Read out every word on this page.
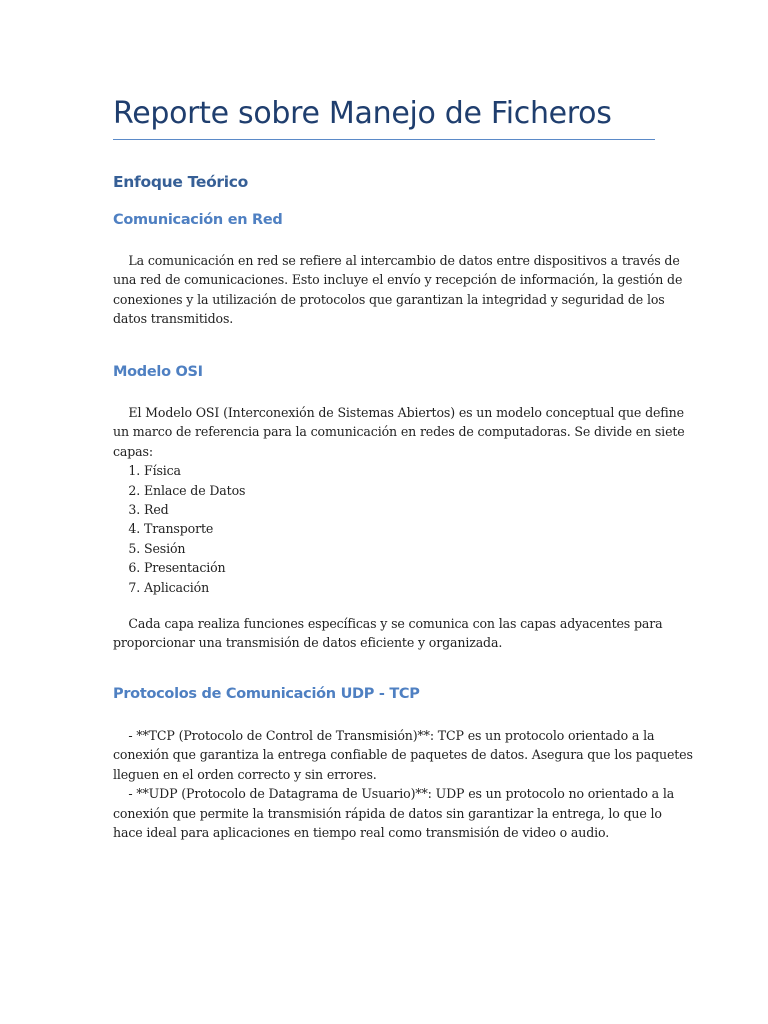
Reporte sobre Manejo de Ficheros
Enfoque Teórico
Comunicación en Red
La comunicación en red se refiere al intercambio de datos entre dispositivos a través de
una red de comunicaciones. Esto incluye el envío y recepción de información, la gestión de
conexiones y la utilización de protocolos que garantizan la integridad y seguridad de los
datos transmitidos.
Modelo OSI
El Modelo OSI (Interconexión de Sistemas Abiertos) es un modelo conceptual que define
un marco de referencia para la comunicación en redes de computadoras. Se divide en siete
capas:
1. Física
2. Enlace de Datos
3. Red
4. Transporte
5. Sesión
6. Presentación
7. Aplicación
Cada capa realiza funciones específicas y se comunica con las capas adyacentes para
proporcionar una transmisión de datos eficiente y organizada.
Protocolos de Comunicación UDP - TCP
- **TCP (Protocolo de Control de Transmisión)**: TCP es un protocolo orientado a la
conexión que garantiza la entrega confiable de paquetes de datos. Asegura que los paquetes
lleguen en el orden correcto y sin errores.
- **UDP (Protocolo de Datagrama de Usuario)**: UDP es un protocolo no orientado a la
conexión que permite la transmisión rápida de datos sin garantizar la entrega, lo que lo
hace ideal para aplicaciones en tiempo real como transmisión de video o audio.
